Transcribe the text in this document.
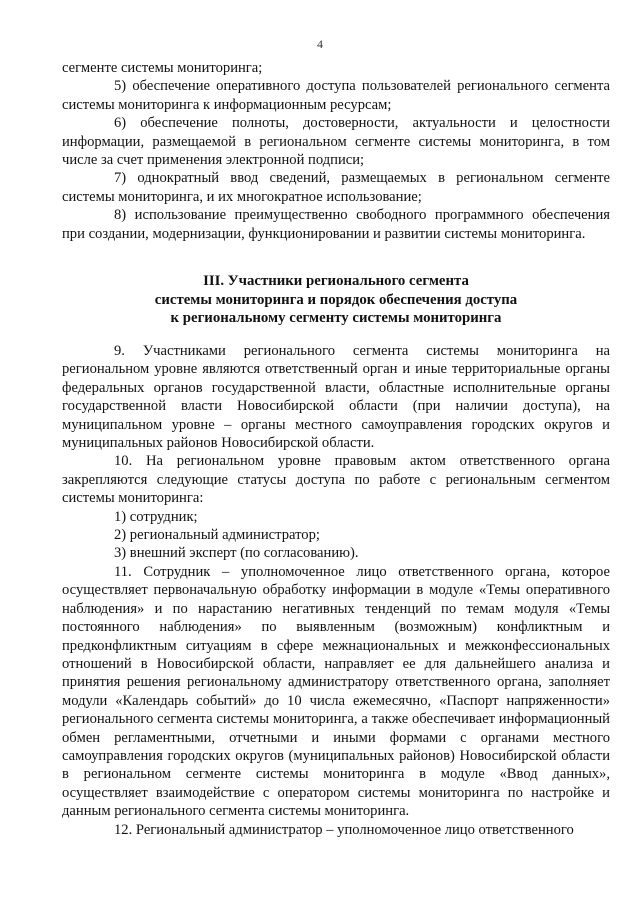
4

сегменте системы мониторинга;

5) обеспечение оперативного доступа пользователей регионального сегмента системы мониторинга к информационным ресурсам;

6) обеспечение полноты, достоверности, актуальности и целостности информации, размещаемой в региональном сегменте системы мониторинга, в том числе за счет применения электронной подписи;

7) однократный ввод сведений, размещаемых в региональном сегменте системы мониторинга, и их многократное использование;

8) использование преимущественно свободного программного обеспечения при создании, модернизации, функционировании и развитии системы мониторинга.

III. Участники регионального сегмента
системы мониторинга и порядок обеспечения доступа
к региональному сегменту системы мониторинга

9. Участниками регионального сегмента системы мониторинга на региональном уровне являются ответственный орган и иные территориальные органы федеральных органов государственной власти, областные исполнительные органы государственной власти Новосибирской области (при наличии доступа), на муниципальном уровне – органы местного самоуправления городских округов и муниципальных районов Новосибирской области.

10. На региональном уровне правовым актом ответственного органа закрепляются следующие статусы доступа по работе с региональным сегментом системы мониторинга:

1) сотрудник;

2) региональный администратор;

3) внешний эксперт (по согласованию).

11. Сотрудник – уполномоченное лицо ответственного органа, которое осуществляет первоначальную обработку информации в модуле «Темы оперативного наблюдения» и по нарастанию негативных тенденций по темам модуля «Темы постоянного наблюдения» по выявленным (возможным) конфликтным и предконфликтным ситуациям в сфере межнациональных и межконфессиональных отношений в Новосибирской области, направляет ее для дальнейшего анализа и принятия решения региональному администратору ответственного органа, заполняет модули «Календарь событий» до 10 числа ежемесячно, «Паспорт напряженности» регионального сегмента системы мониторинга, а также обеспечивает информационный обмен регламентными, отчетными и иными формами с органами местного самоуправления городских округов (муниципальных районов) Новосибирской области в региональном сегменте системы мониторинга в модуле «Ввод данных», осуществляет взаимодействие с оператором системы мониторинга по настройке и данным регионального сегмента системы мониторинга.

12. Региональный администратор – уполномоченное лицо ответственного
